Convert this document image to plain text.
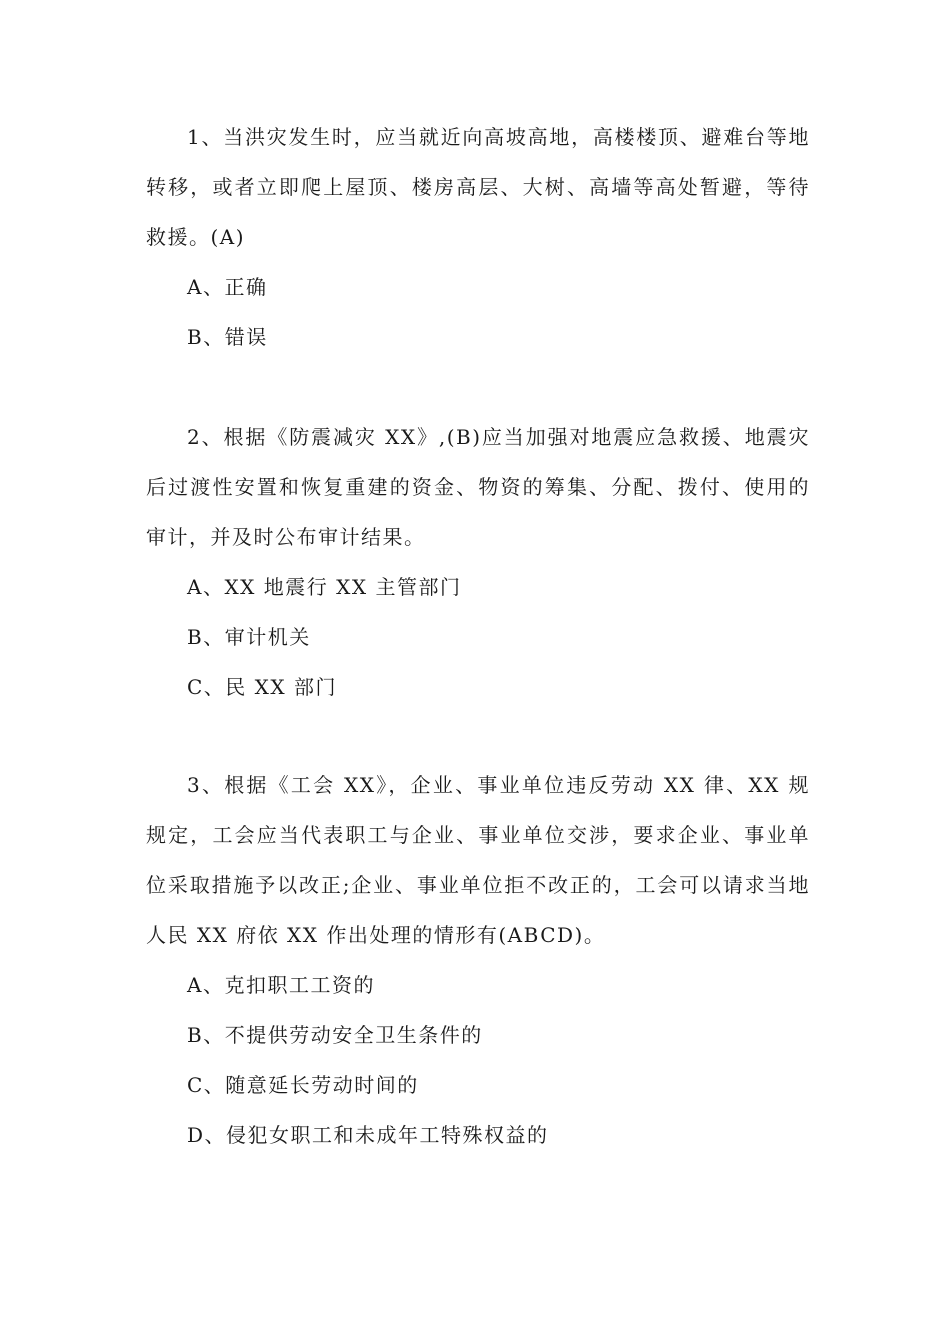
1、当洪灾发生时，应当就近向高坡高地，高楼楼顶、避难台等地转移，或者立即爬上屋顶、楼房高层、大树、高墙等高处暂避，等待救援。(A)

A、正确
B、错误

2、根据《防震减灾 XX》,(B)应当加强对地震应急救援、地震灾后过渡性安置和恢复重建的资金、物资的筹集、分配、拨付、使用的审计，并及时公布审计结果。

A、XX 地震行 XX 主管部门
B、审计机关
C、民 XX 部门

3、根据《工会 XX》，企业、事业单位违反劳动 XX 律、XX 规规定，工会应当代表职工与企业、事业单位交涉，要求企业、事业单位采取措施予以改正;企业、事业单位拒不改正的，工会可以请求当地人民 XX 府依 XX 作出处理的情形有(ABCD)。

A、克扣职工工资的
B、不提供劳动安全卫生条件的
C、随意延长劳动时间的
D、侵犯女职工和未成年工特殊权益的
